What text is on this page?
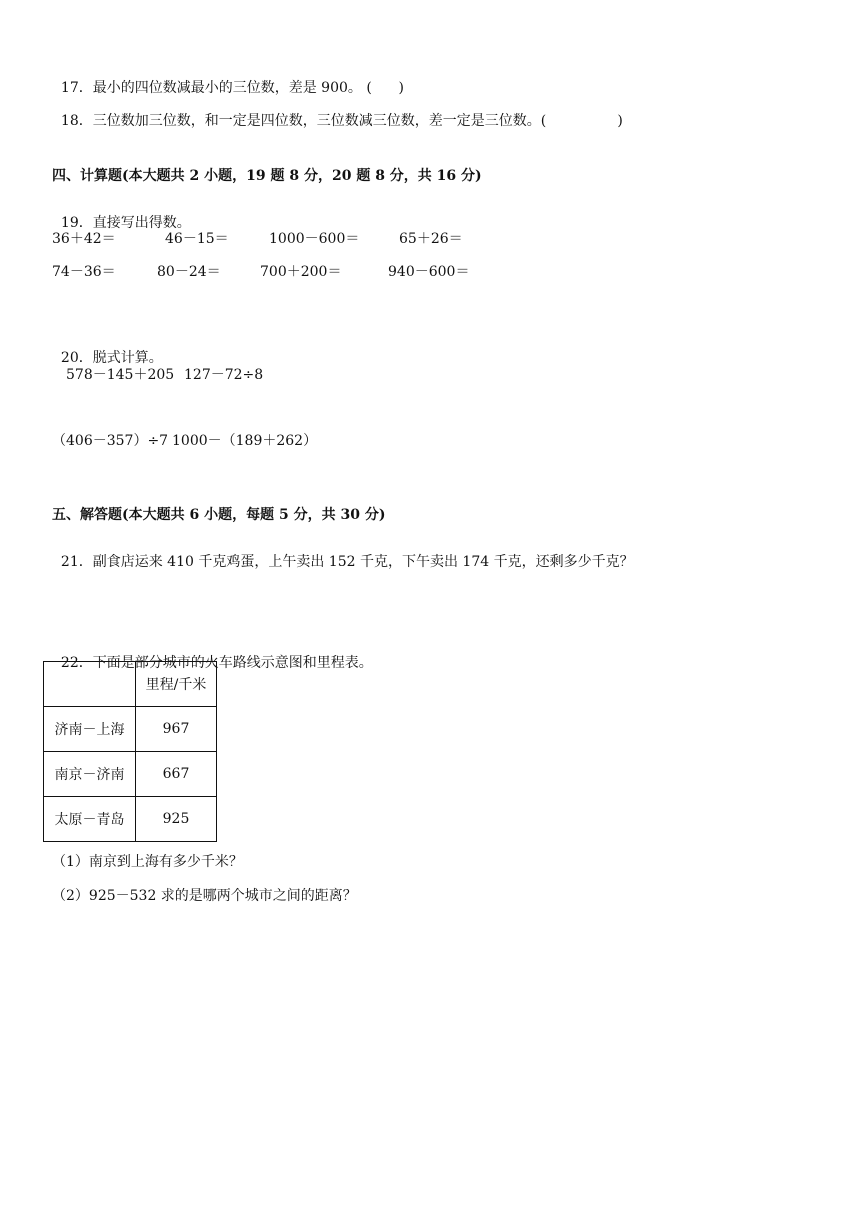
17．最小的四位数减最小的三位数，差是 900。 (      )

18．三位数加三位数，和一定是四位数，三位数减三位数，差一定是三位数。(                )

四、计算题(本大题共 2 小题，19 题 8 分，20 题 8 分，共 16 分)

19．直接写出得数。

36＋42＝	46－15＝	1000－600＝	65＋26＝
74－36＝	80－24＝	700＋200＝	940－600＝

20．脱式计算。

578－145＋205 127－72÷8
（406－357）÷7 1000－（189＋262）
五、解答题(本大题共 6 小题，每题 5 分，共 30 分)

21．副食店运来 410 千克鸡蛋，上午卖出 152 千克，下午卖出 174 千克，还剩多少千克？

22．下面是部分城市的火车路线示意图和里程表。

	里程/千米
济南－上海	967
南京－济南	667
太原－青岛	925
（1）南京到上海有多少千米？
（2）925－532 求的是哪两个城市之间的距离？
